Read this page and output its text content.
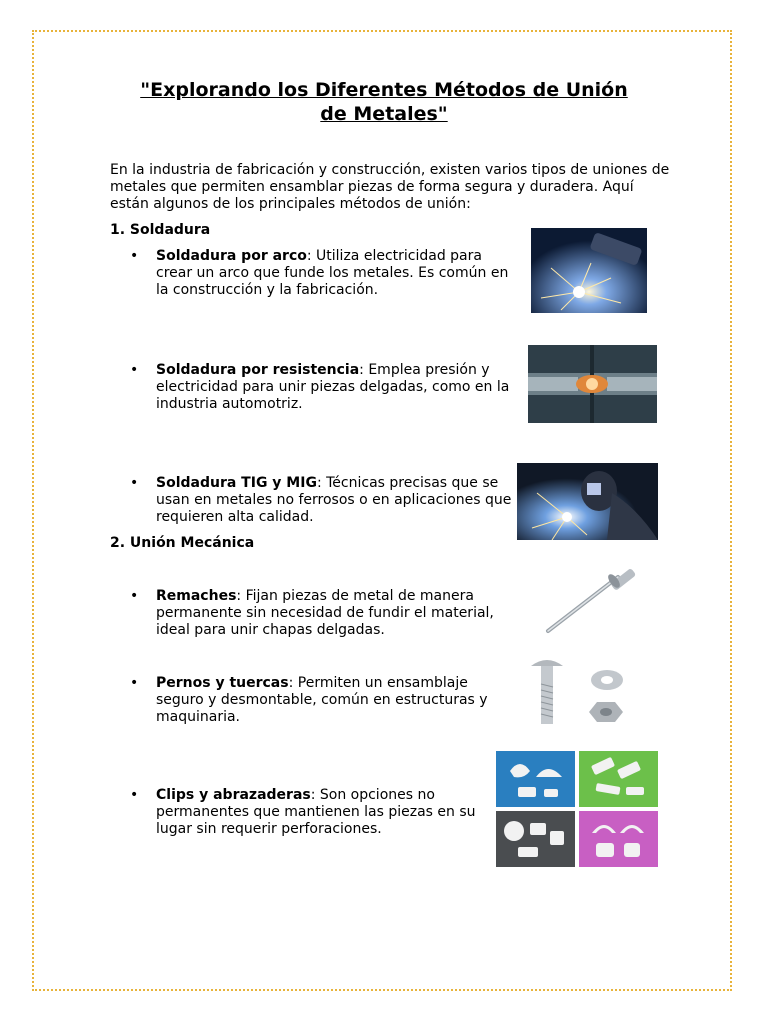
"Explorando los Diferentes Métodos de Unión
de Metales"
En la industria de fabricación y construcción, existen varios tipos de uniones de metales que permiten ensamblar piezas de forma segura y duradera. Aquí están algunos de los principales métodos de unión:
1. Soldadura
•	Soldadura por arco: Utiliza electricidad para crear un arco que funde los metales. Es común en la construcción y la fabricación.
•	Soldadura por resistencia: Emplea presión y electricidad para unir piezas delgadas, como en la industria automotriz.
•	Soldadura TIG y MIG: Técnicas precisas que se usan en metales no ferrosos o en aplicaciones que requieren alta calidad.
2. Unión Mecánica
•	Remaches: Fijan piezas de metal de manera permanente sin necesidad de fundir el material, ideal para unir chapas delgadas.
•	Pernos y tuercas: Permiten un ensamblaje seguro y desmontable, común en estructuras y maquinaria.
•	Clips y abrazaderas: Son opciones no permanentes que mantienen las piezas en su lugar sin requerir perforaciones.
